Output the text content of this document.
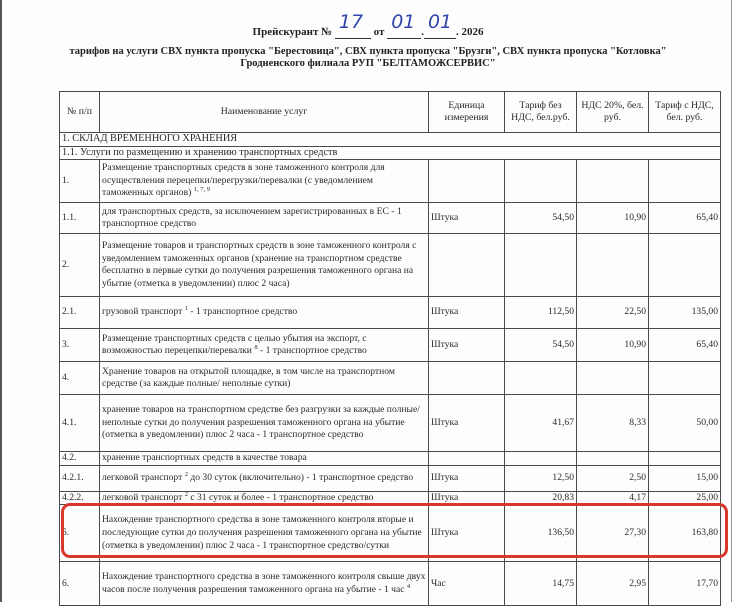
Прейскурант № 17 от 01 . 01 . 2026
тарифов на услуги СВХ пункта пропуска "Берестовица", СВХ пункта пропуска "Брузги", СВХ пункта пропуска "Котловка"
Гродненского филиала РУП "БЕЛТАМОЖСЕРВИС"
№ п/п	Наименование услуг	Единица измерения	Тариф без НДС, бел.руб.	НДС 20%, бел. руб.	Тариф с НДС, бел. руб.
1. СКЛАД ВРЕМЕННОГО ХРАНЕНИЯ					
1.1. Услуги по размещению и хранению транспортных средств					
1.	Размещение транспортных средств в зоне таможенного контроля для осуществления перецепки/перегрузки/перевалки (с уведомлением таможенных органов) $^{1, 7, 9}$				
1.1.	для транспортных средств, за исключением зарегистрированных в ЕС - 1 транспортное средство	Штука	54,50	10,90	65,40
2.	Размещение товаров и транспортных средств в зоне таможенного контроля с уведомлением таможенных органов (хранение на транспортном средстве бесплатно в первые сутки до получения разрешения таможенного органа на убытие (отметка в уведомлении) плюс 2 часа)				
2.1.	грузовой транспорт $^1$ - 1 транспортное средство	Штука	112,50	22,50	135,00
3.	Размещение транспортных средств с целью убытия на экспорт, с возможностью перецепки/перевалки $^8$ - 1 транспортное средство	Штука	54,50	10,90	65,40
4.	Хранение товаров на открытой площадке, в том числе на транспортном средстве (за каждые полные/ неполные сутки)				
4.1.	хранение товаров на транспортном средстве без разгрузки за каждые полные/неполные сутки до получения разрешения таможенного органа на убытие (отметка в уведомлении) плюс 2 часа - 1 транспортное средство	Штука	41,67	8,33	50,00
4.2.	хранение транспортных средств в качестве товара				
4.2.1.	легковой транспорт $^2$ до 30 суток (включительно) - 1 транспортное средство	Штука	12,50	2,50	15,00
4.2.2.	легковой транспорт $^2$ с 31 суток и более - 1 транспортное средство	Штука	20,83	4,17	25,00
5.	Нахождение транспортного средства в зоне таможенного контроля вторые и последующие сутки до получения разрешения таможенного органа на убытие (отметка в уведомлении) плюс 2 часа - 1 транспортное средство/сутки	Штука	136,50	27,30	163,80
6.	Нахождение транспортного средства в зоне таможенного контроля свыше двух часов после получения разрешения таможенного органа на убытие - 1 час $^4$	Час	14,75	2,95	17,70
